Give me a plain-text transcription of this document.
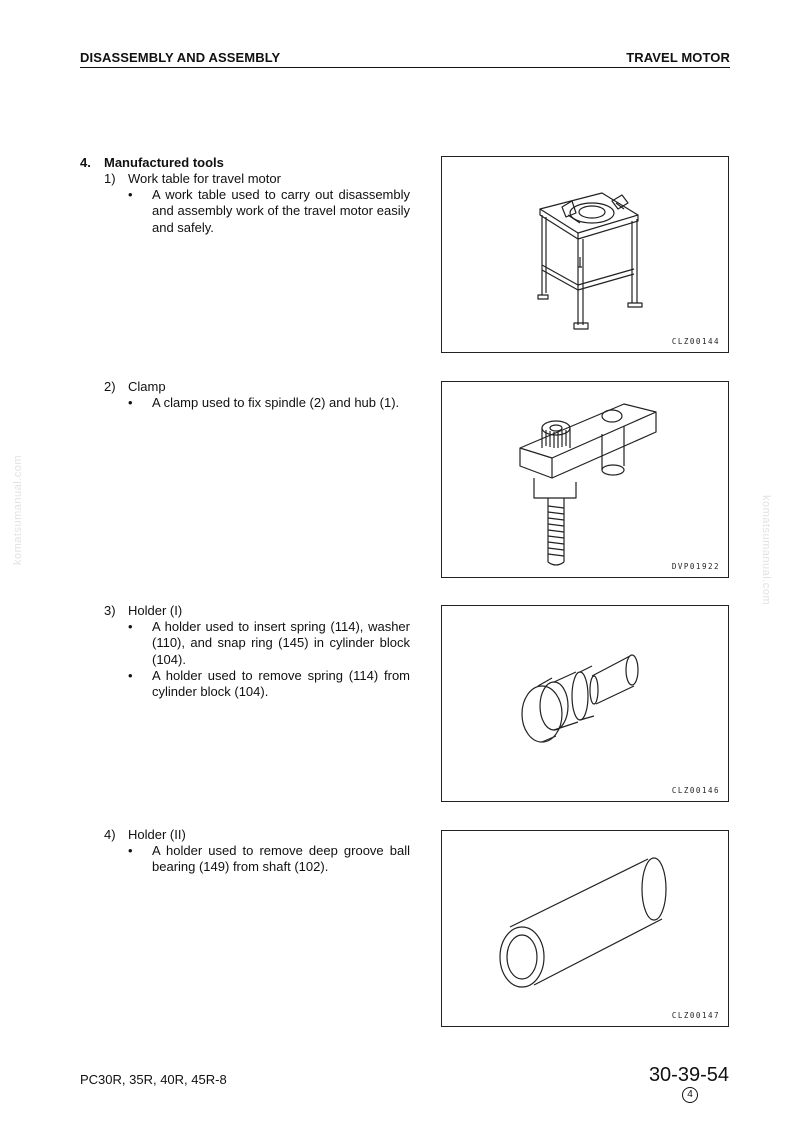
DISASSEMBLY AND ASSEMBLY	TRAVEL MOTOR
4. Manufactured tools
1) Work table for travel motor
•	A work table used to carry out disassembly and assembly work of the travel motor easily and safely.
CLZ00144
2) Clamp
•	A clamp used to fix spindle (2) and hub (1).
DVP01922
3) Holder (I)
•	A holder used to insert spring (114), washer (110), and snap ring (145) in cylinder block (104).
•	A holder used to remove spring (114) from cylinder block (104).
CLZ00146
4) Holder (II)
•	A holder used to remove deep groove ball bearing (149) from shaft (102).
CLZ00147
komatsumanual.com	komatsumanual.com
PC30R, 35R, 40R, 45R-8	30-39-54
4
